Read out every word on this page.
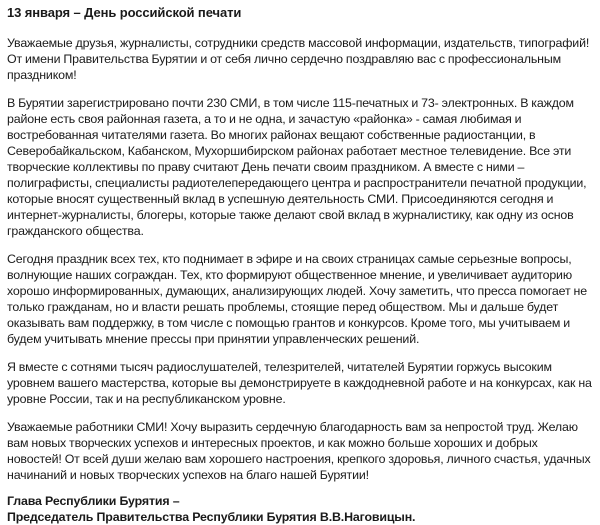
13 января – День российской печати

Уважаемые друзья, журналисты, сотрудники средств массовой информации, издательств, типографий! От имени Правительства Бурятии и от себя лично сердечно поздравляю вас с профессиональным праздником!

В Бурятии зарегистрировано почти 230 СМИ, в том числе 115-печатных и 73- электронных. В каждом районе есть своя районная газета, а то и не одна, и зачастую «районка» - самая любимая и востребованная читателями газета. Во многих районах вещают собственные радиостанции, в Северобайкальском, Кабанском, Мухоршибирском районах работает местное телевидение. Все эти творческие коллективы по праву считают День печати своим праздником. А вместе с ними – полиграфисты, специалисты радиотелепередающего центра и распространители печатной продукции, которые вносят существенный вклад в успешную деятельность СМИ. Присоединяются сегодня и интернет-журналисты, блогеры, которые также делают свой вклад в журналистику, как одну из основ гражданского общества.

Сегодня праздник всех тех, кто поднимает в эфире и на своих страницах самые серьезные вопросы, волнующие наших сограждан. Тех, кто формируют общественное мнение, и увеличивает аудиторию хорошо информированных, думающих, анализирующих людей. Хочу заметить, что пресса помогает не только гражданам, но и власти решать проблемы, стоящие перед обществом. Мы и дальше будет оказывать вам поддержку, в том числе с помощью грантов и конкурсов. Кроме того, мы учитываем и будем учитывать мнение прессы при принятии управленческих решений.

Я вместе с сотнями тысяч радиослушателей, телезрителей, читателей Бурятии горжусь высоким уровнем вашего мастерства, которые вы демонстрируете в каждодневной работе и на конкурсах, как на уровне России, так и на республиканском уровне.

Уважаемые работники СМИ! Хочу выразить сердечную благодарность вам за непростой труд. Желаю вам новых творческих успехов и интересных проектов, и как можно больше хороших и добрых новостей! От всей души желаю вам хорошего настроения, крепкого здоровья, личного счастья, удачных начинаний и новых творческих успехов на благо нашей Бурятии!

Глава Республики Бурятия –
Председатель Правительства Республики Бурятия В.В.Наговицын.
